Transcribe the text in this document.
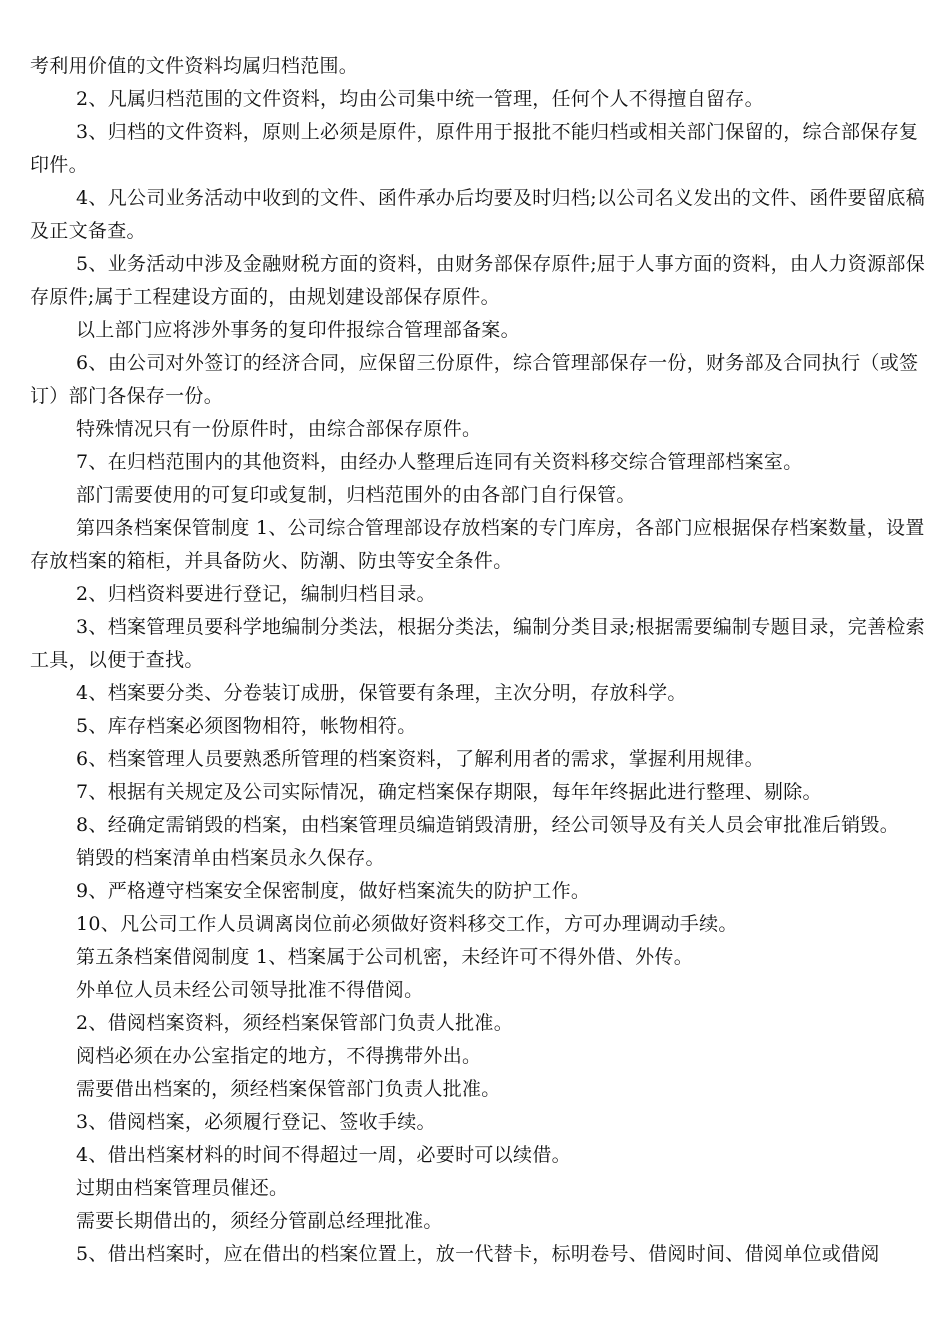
考利用价值的文件资料均属归档范围。

2、凡属归档范围的文件资料，均由公司集中统一管理，任何个人不得擅自留存。

3、归档的文件资料，原则上必须是原件，原件用于报批不能归档或相关部门保留的，综合部保存复印件。

4、凡公司业务活动中收到的文件、函件承办后均要及时归档;以公司名义发出的文件、函件要留底稿及正文备查。

5、业务活动中涉及金融财税方面的资料，由财务部保存原件;屈于人事方面的资料，由人力资源部保存原件;属于工程建设方面的，由规划建设部保存原件。

以上部门应将涉外事务的复印件报综合管理部备案。

6、由公司对外签订的经济合同，应保留三份原件，综合管理部保存一份，财务部及合同执行（或签订）部门各保存一份。

特殊情况只有一份原件时，由综合部保存原件。

7、在归档范围内的其他资料，由经办人整理后连同有关资料移交综合管理部档案室。

部门需要使用的可复印或复制，归档范围外的由各部门自行保管。

第四条档案保管制度 1、公司综合管理部设存放档案的专门库房，各部门应根据保存档案数量，设置存放档案的箱柜，并具备防火、防潮、防虫等安全条件。

2、归档资料要进行登记，编制归档目录。

3、档案管理员要科学地编制分类法，根据分类法，编制分类目录;根据需要编制专题目录，完善检索工具，以便于查找。

4、档案要分类、分卷装订成册，保管要有条理，主次分明，存放科学。

5、库存档案必须图物相符，帐物相符。

6、档案管理人员要熟悉所管理的档案资料，了解利用者的需求，掌握利用规律。

7、根据有关规定及公司实际情况，确定档案保存期限，每年年终据此进行整理、剔除。

8、经确定需销毁的档案，由档案管理员编造销毁清册，经公司领导及有关人员会审批准后销毁。

销毁的档案清单由档案员永久保存。

9、严格遵守档案安全保密制度，做好档案流失的防护工作。

10、凡公司工作人员调离岗位前必须做好资料移交工作，方可办理调动手续。

第五条档案借阅制度 1、档案属于公司机密，未经许可不得外借、外传。

外单位人员未经公司领导批准不得借阅。

2、借阅档案资料，须经档案保管部门负责人批准。

阅档必须在办公室指定的地方，不得携带外出。

需要借出档案的，须经档案保管部门负责人批准。

3、借阅档案，必须履行登记、签收手续。

4、借出档案材料的时间不得超过一周，必要时可以续借。

过期由档案管理员催还。

需要长期借出的，须经分管副总经理批准。

5、借出档案时，应在借出的档案位置上，放一代替卡，标明卷号、借阅时间、借阅单位或借阅
